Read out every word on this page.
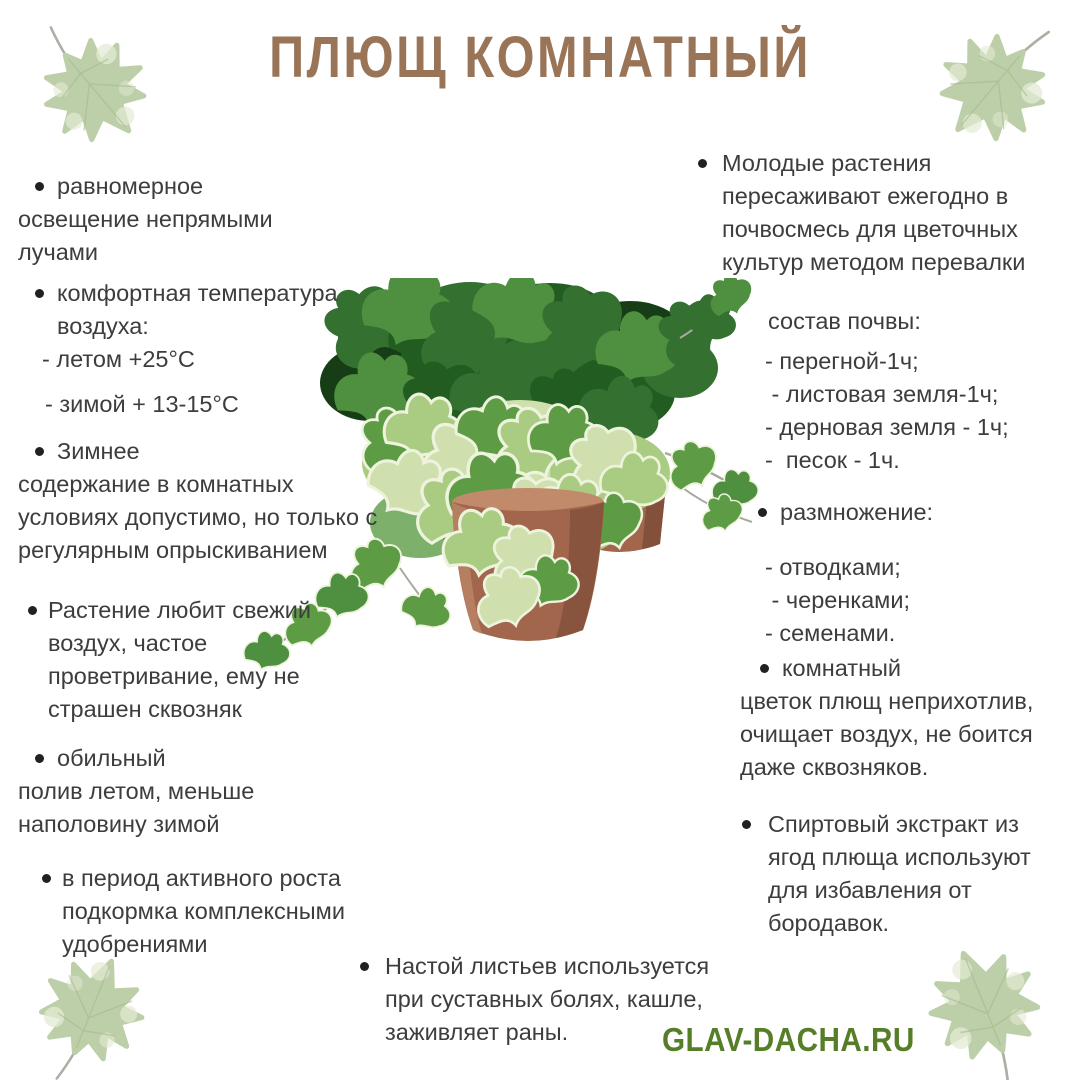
ПЛЮЩ КОМНАТНЫЙ
равномерное
освещение непрямыми
лучами
комфортная температура
воздуха:
- летом +25°C
- зимой + 13-15°C
Зимнее
содержание в комнатных
условиях допустимо, но только с
регулярным опрыскиванием
Растение любит свежий
воздух, частое
проветривание, ему не
страшен сквозняк
обильный
полив летом, меньше
наполовину зимой
в период активного роста
подкормка комплексными
удобрениями
Молодые растения
пересаживают ежегодно в
почвосмесь для цветочных
культур методом перевалки
состав почвы:
- перегной-1ч;
- листовая земля-1ч;
- дерновая земля - 1ч;
-  песок - 1ч.
размножение:
- отводками;
- черенками;
- семенами.
комнатный
цветок плющ неприхотлив,
очищает воздух, не боится
даже сквозняков.
Спиртовый экстракт из
ягод плюща используют
для избавления от
бородавок.
Настой листьев используется
при суставных болях, кашле,
заживляет раны.	GLAV-DACHA.RU
